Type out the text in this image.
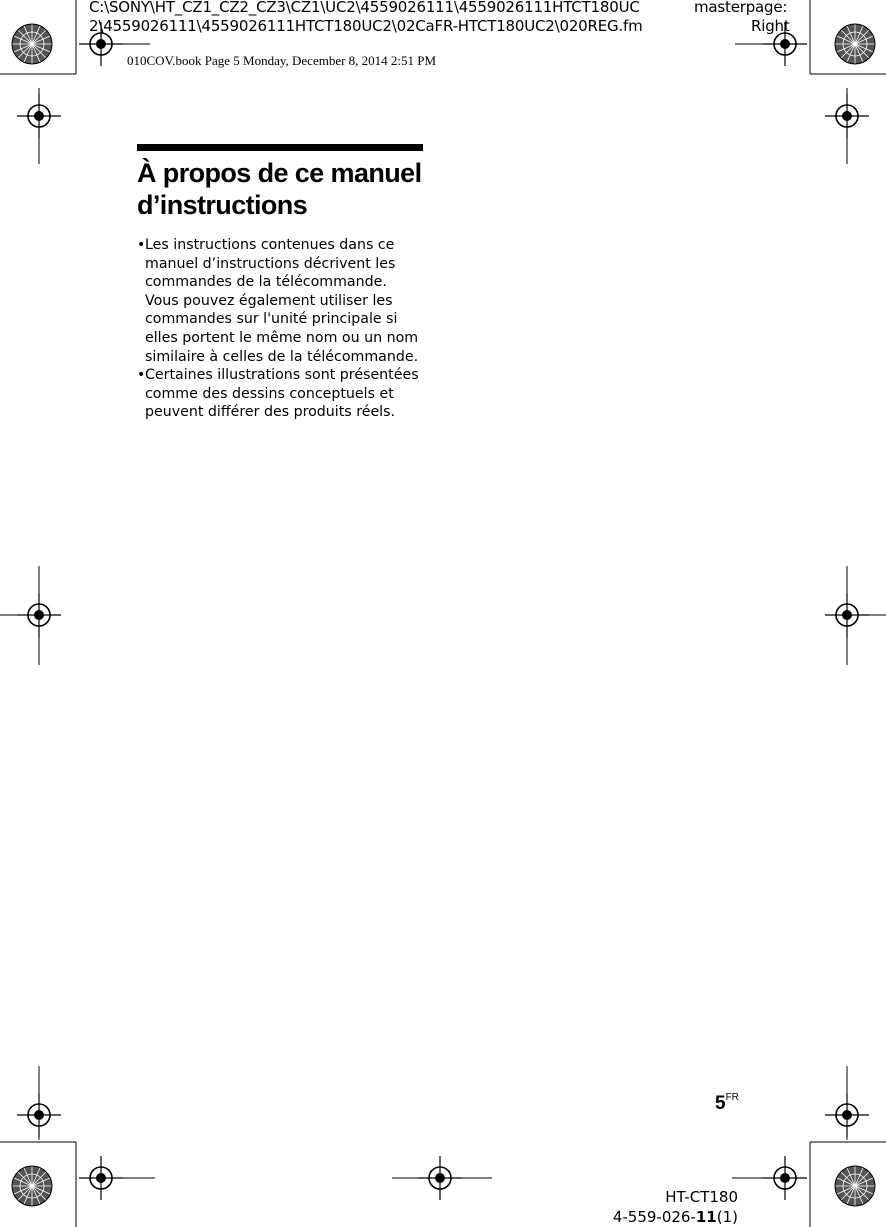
C:\SONY\HT_CZ1_CZ2_CZ3\CZ1\UC2\4559026111\4559026111HTCT180UC
2\4559026111\4559026111HTCT180UC2\02CaFR-HTCT180UC2\020REG.fm
masterpage:
Right
010COV.book Page 5 Monday, December 8, 2014 2:51 PM
À propos de ce manuel
d’instructions
• Les instructions contenues dans ce
manuel d’instructions décrivent les
commandes de la télécommande.
Vous pouvez également utiliser les
commandes sur l'unité principale si
elles portent le même nom ou un nom
similaire à celles de la télécommande.
• Certaines illustrations sont présentées
comme des dessins conceptuels et
peuvent différer des produits réels.
$5^{FR}$
HT-CT180
4-559-026-11(1)
